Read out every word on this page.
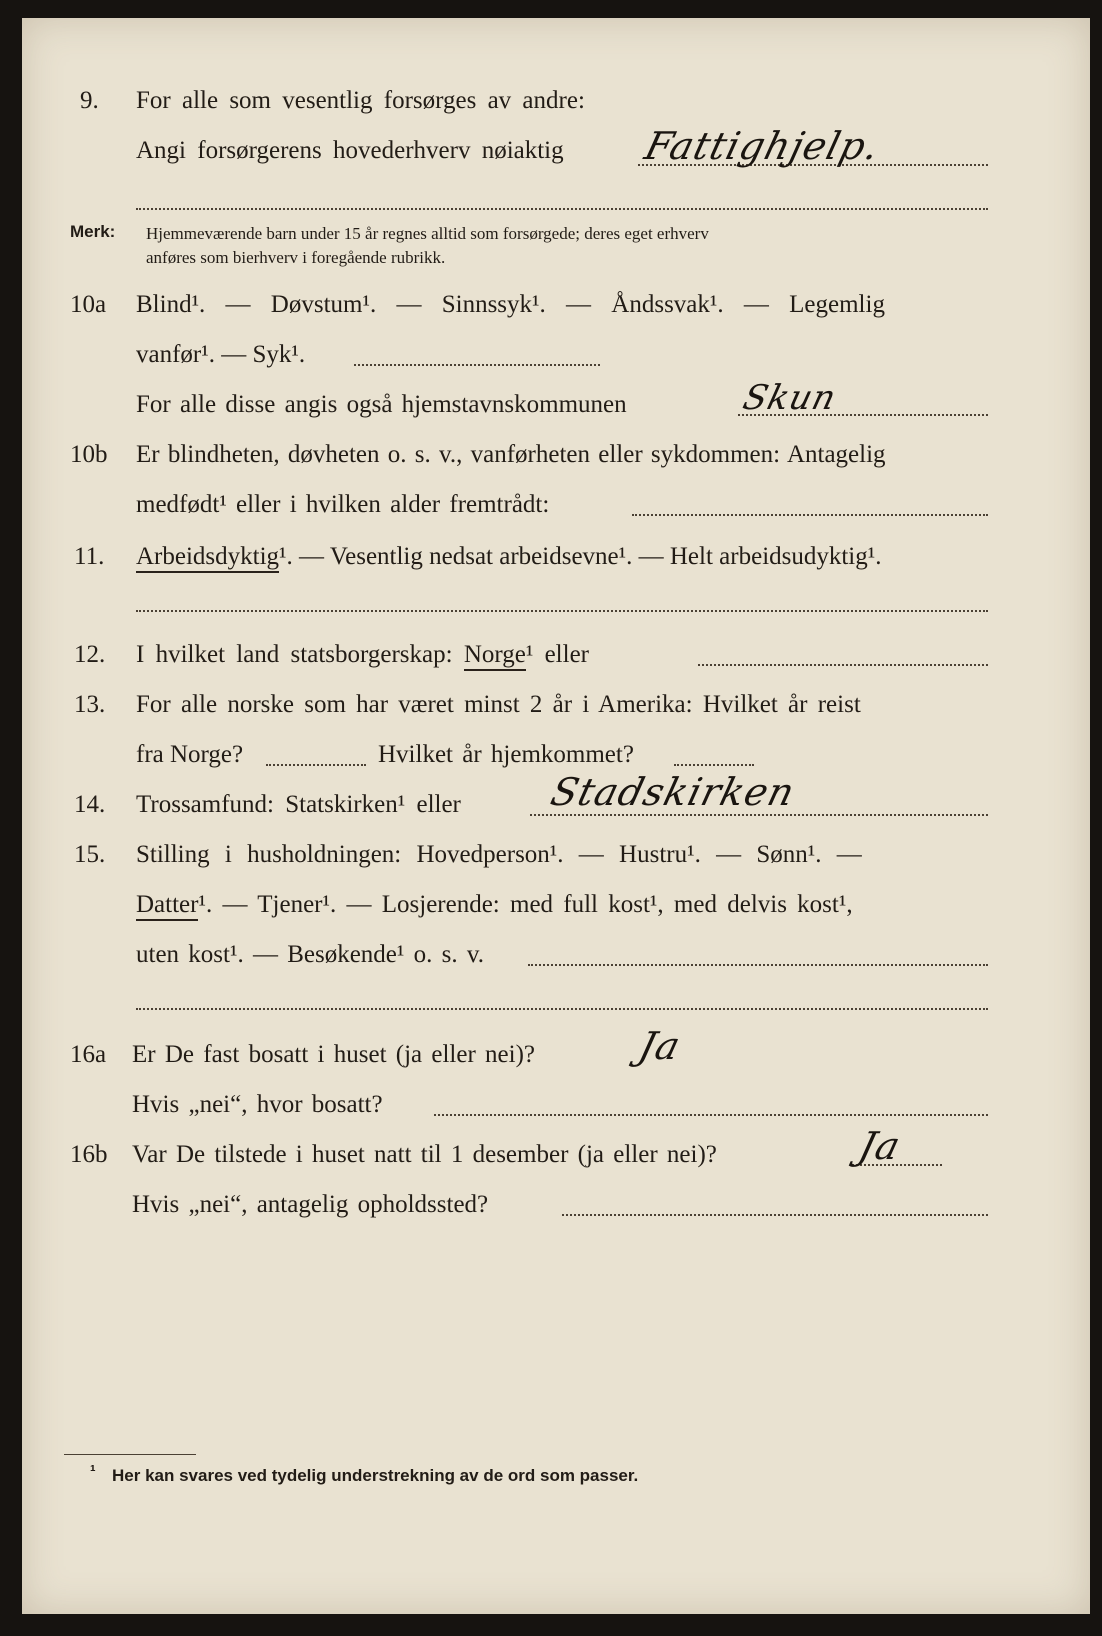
9. For alle som vesentlig forsørges av andre:
Angi forsørgerens hovederhverv nøiaktig Fattighjelp.
Merk: Hjemmeværende barn under 15 år regnes alltid som forsørgede; deres eget erhverv
anføres som bierhverv i foregående rubrikk.
10a Blind¹. — Døvstum¹. — Sinnssyk¹. — Åndssvak¹. — Legemlig
vanfør¹. — Syk¹.
For alle disse angis også hjemstavnskommunen	Skun
10b Er blindheten, døvheten o. s. v., vanførheten eller sykdommen: Antagelig
medfødt¹ eller i hvilken alder fremtrådt:
11. Arbeidsdyktig¹. — Vesentlig nedsat arbeidsevne¹. — Helt arbeidsudyktig¹.
12. I hvilket land statsborgerskap: Norge¹ eller
13. For alle norske som har været minst 2 år i Amerika: Hvilket år reist
fra Norge?	Hvilket år hjemkommet?
14. Trossamfund: Statskirken¹ eller Stadskirken
15. Stilling i husholdningen: Hovedperson¹. — Hustru¹. — Sønn¹. —
Datter¹. — Tjener¹. — Losjerende: med full kost¹, med delvis kost¹,
uten kost¹. — Besøkende¹ o. s. v.
16a Er De fast bosatt i huset (ja eller nei)?	Ja
Hvis „nei“, hvor bosatt?
16b Var De tilstede i huset natt til 1 desember (ja eller nei)?	Ja
Hvis „nei“, antagelig opholdssted?
¹ Her kan svares ved tydelig understrekning av de ord som passer.
